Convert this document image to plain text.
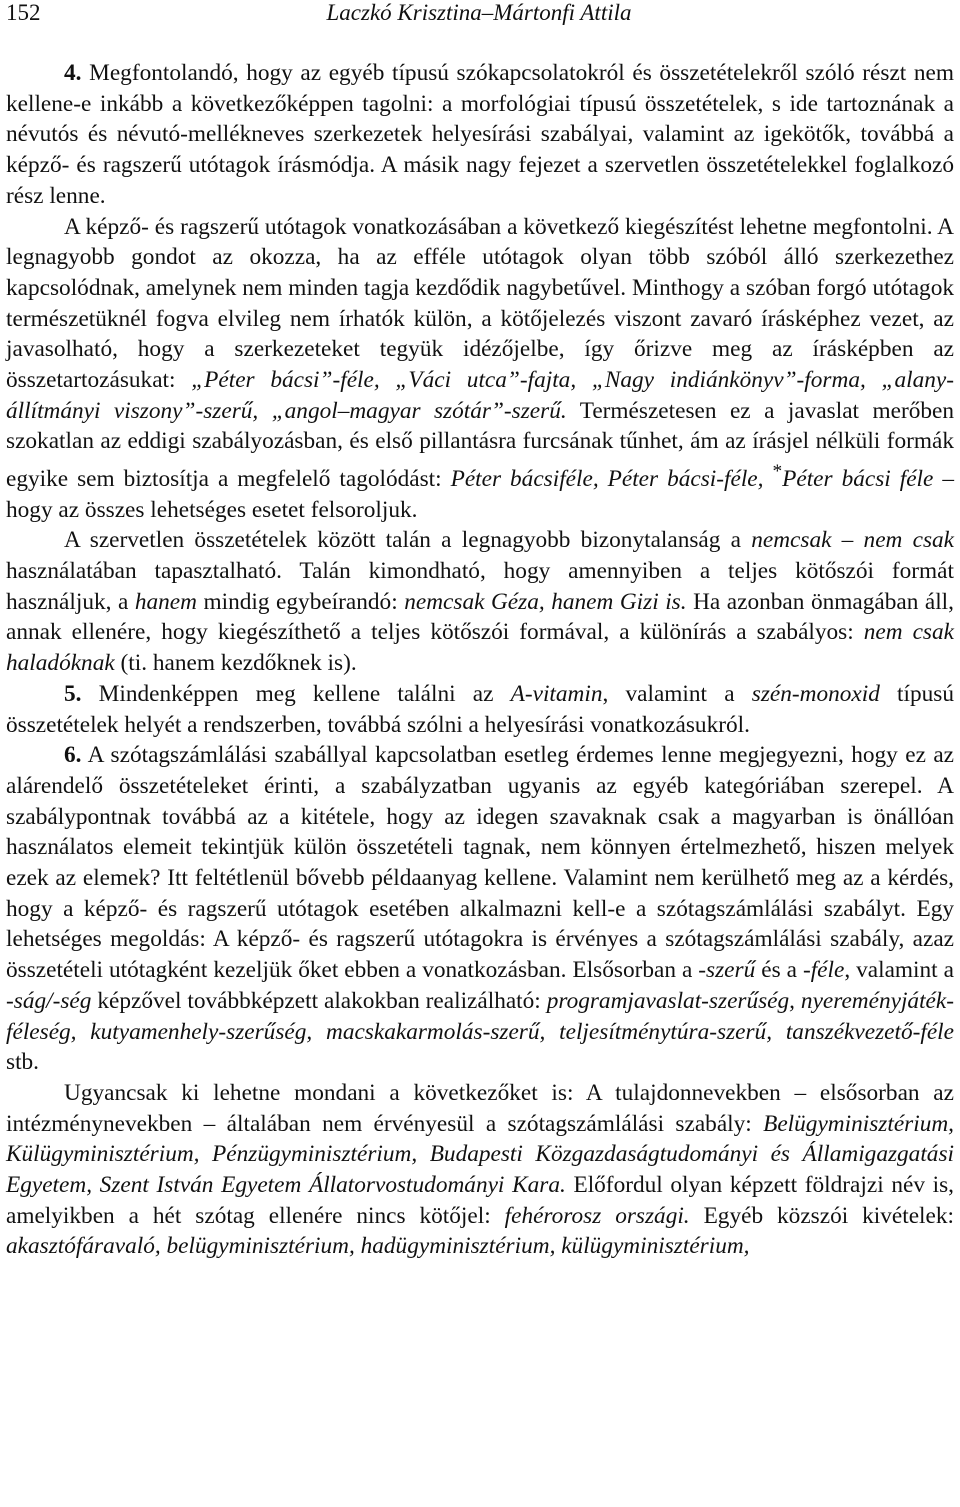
152	Laczkó Krisztina–Mártonfi Attila

4. Megfontolandó, hogy az egyéb típusú szókapcsolatokról és összetételekről szóló részt nem kellene-e inkább a következőképpen tagolni: a morfológiai típusú összetételek, s ide tartoznának a névutós és névutó-mellékneves szerkezetek helyesírási szabályai, valamint az igekötők, továbbá a képző- és ragszerű utótagok írásmódja. A másik nagy fejezet a szervetlen összetételekkel foglalkozó rész lenne.

A képző- és ragszerű utótagok vonatkozásában a következő kiegészítést lehetne megfontolni. A legnagyobb gondot az okozza, ha az efféle utótagok olyan több szóból álló szerkezethez kapcsolódnak, amelynek nem minden tagja kezdődik nagybetűvel. Minthogy a szóban forgó utótagok természetüknél fogva elvileg nem írhatók külön, a kötőjelezés viszont zavaró írásképhez vezet, az javasolható, hogy a szerkezeteket tegyük idézőjelbe, így őrizve meg az írásképben az összetartozásukat: „Péter bácsi”-féle, „Váci utca”-fajta, „Nagy indiánkönyv”-forma, „alany-állítmányi viszony”-szerű, „angol–magyar szótár”-szerű. Természetesen ez a javaslat merőben szokatlan az eddigi szabályozásban, és első pillantásra furcsának tűnhet, ám az írásjel nélküli formák egyike sem biztosítja a megfelelő tagolódást: Péter bácsiféle, Péter bácsi-féle, *Péter bácsi féle – hogy az összes lehetséges esetet felsoroljuk.

A szervetlen összetételek között talán a legnagyobb bizonytalanság a nemcsak – nem csak használatában tapasztalható. Talán kimondható, hogy amennyiben a teljes kötőszói formát használjuk, a hanem mindig egybeírandó: nemcsak Géza, hanem Gizi is. Ha azonban önmagában áll, annak ellenére, hogy kiegészíthető a teljes kötőszói formával, a különírás a szabályos: nem csak haladóknak (ti. hanem kezdőknek is).

5. Mindenképpen meg kellene találni az A-vitamin, valamint a szén-monoxid típusú összetételek helyét a rendszerben, továbbá szólni a helyesírási vonatkozásukról.

6. A szótagszámlálási szabállyal kapcsolatban esetleg érdemes lenne megjegyezni, hogy ez az alárendelő összetételeket érinti, a szabályzatban ugyanis az egyéb kategóriában szerepel. A szabálypontnak továbbá az a kitétele, hogy az idegen szavaknak csak a magyarban is önállóan használatos elemeit tekintjük külön összetételi tagnak, nem könnyen értelmezhető, hiszen melyek ezek az elemek? Itt feltétlenül bővebb példaanyag kellene. Valamint nem kerülhető meg az a kérdés, hogy a képző- és ragszerű utótagok esetében alkalmazni kell-e a szótagszámlálási szabályt. Egy lehetséges megoldás: A képző- és ragszerű utótagokra is érvényes a szótagszámlálási szabály, azaz összetételi utótagként kezeljük őket ebben a vonatkozásban. Elsősorban a -szerű és a -féle, valamint a -ság/-ség képzővel továbbképzett alakokban realizálható: programjavaslat-szerűség, nyereményjáték-féleség, kutyamenhely-szerűség, macskakarmolás-szerű, teljesítménytúra-szerű, tanszékvezető-féle stb.

Ugyancsak ki lehetne mondani a következőket is: A tulajdonnevekben – elsősorban az intézménynevekben – általában nem érvényesül a szótagszámlálási szabály: Belügyminisztérium, Külügyminisztérium, Pénzügyminisztérium, Budapesti Közgazdaságtudományi és Államigazgatási Egyetem, Szent István Egyetem Állatorvostudományi Kara. Előfordul olyan képzett földrajzi név is, amelyikben a hét szótag ellenére nincs kötőjel: fehérorosz országi. Egyéb közszói kivételek: akasztófáravaló, belügyminisztérium, hadügyminisztérium, külügyminisztérium,
